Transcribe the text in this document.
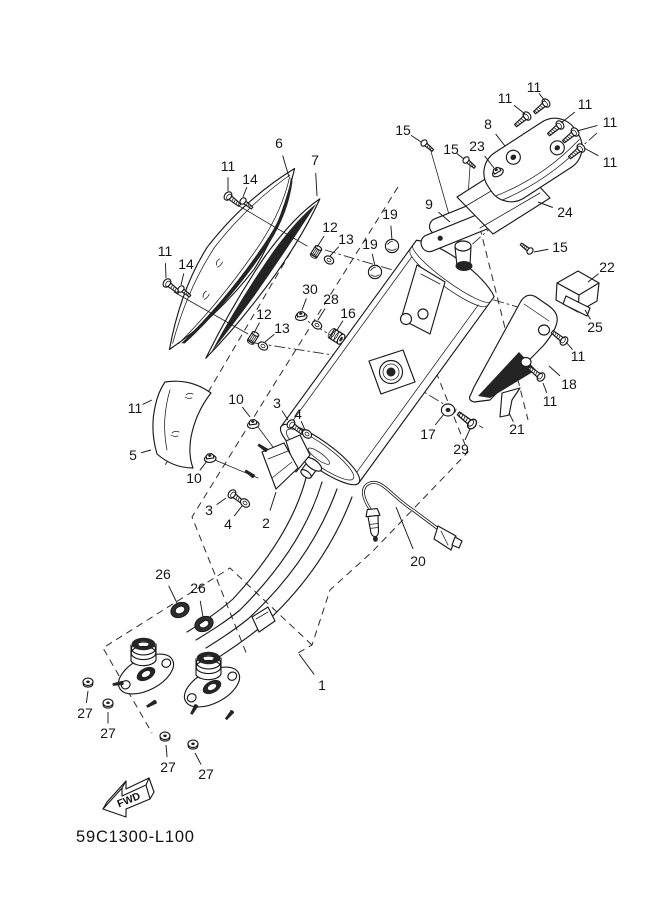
FWD
11
11	11
11
11
8
23
15
15
24
15
9
19
19
22
25
11
18
11
21
17
29
20
6
7
11
14
11
14
12
13
30
28
16
12
13
11
5
10
10
3
4
3
4 2
26
26
27
27
27 27
1
59C1300-L100
